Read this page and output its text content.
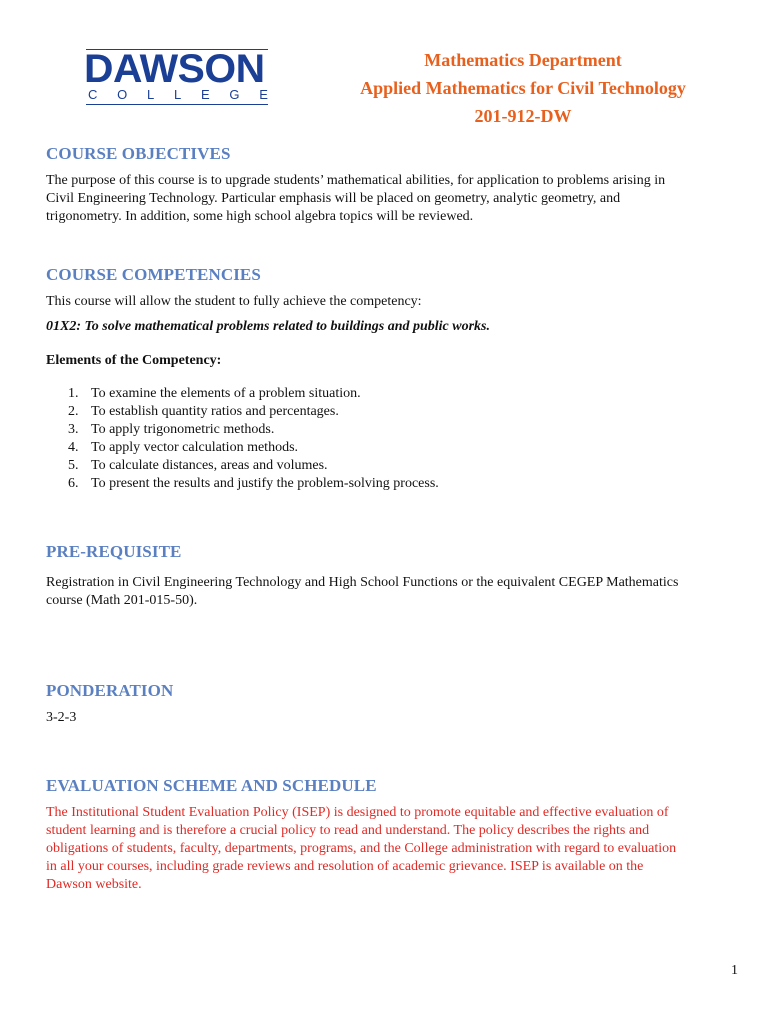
DAWSON
C O L L E G E
Mathematics Department
Applied Mathematics for Civil Technology
201-912-DW
COURSE OBJECTIVES
The purpose of this course is to upgrade students’ mathematical abilities, for application to problems arising in
Civil Engineering Technology. Particular emphasis will be placed on geometry, analytic geometry, and
trigonometry. In addition, some high school algebra topics will be reviewed.
COURSE COMPETENCIES
This course will allow the student to fully achieve the competency:
01X2: To solve mathematical problems related to buildings and public works.
Elements of the Competency:
1. To examine the elements of a problem situation.
2. To establish quantity ratios and percentages.
3. To apply trigonometric methods.
4. To apply vector calculation methods.
5. To calculate distances, areas and volumes.
6. To present the results and justify the problem-solving process.
PRE-REQUISITE
Registration in Civil Engineering Technology and High School Functions or the equivalent CEGEP Mathematics
course (Math 201-015-50).
PONDERATION
3-2-3
EVALUATION SCHEME AND SCHEDULE
The Institutional Student Evaluation Policy (ISEP) is designed to promote equitable and effective evaluation of
student learning and is therefore a crucial policy to read and understand. The policy describes the rights and
obligations of students, faculty, departments, programs, and the College administration with regard to evaluation
in all your courses, including grade reviews and resolution of academic grievance. ISEP is available on the
Dawson website.
1
